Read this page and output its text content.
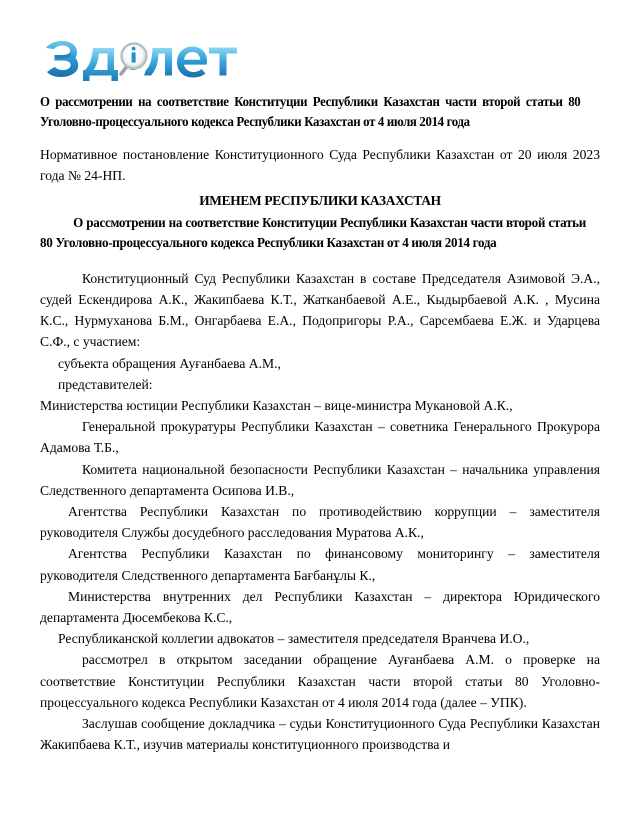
О рассмотрении на соответствие Конституции Республики Казахстан части второй статьи 80 Уголовно-процессуального кодекса Республики Казахстан от 4 июля 2014 года

Нормативное постановление Конституционного Суда Республики Казахстан от 20 июля 2023 года № 24-НП.

ИМЕНЕМ РЕСПУБЛИКИ КАЗАХСТАН

О рассмотрении на соответствие Конституции Республики Казахстан части второй статьи 80 Уголовно-процессуального кодекса Республики Казахстан от 4 июля 2014 года

Конституционный Суд Республики Казахстан в составе Председателя Азимовой Э.А., судей Ескендирова А.К., Жакипбаева К.Т., Жатканбаевой А.Е., Кыдырбаевой А.К. , Мусина К.С., Нурмуханова Б.М., Онгарбаева Е.А., Подопригоры Р.А., Сарсембаева Е.Ж. и Ударцева С.Ф., с участием:

субъекта обращения Ауғанбаева А.М.,

представителей:

Министерства юстиции Республики Казахстан – вице-министра Мукановой А.К.,

Генеральной прокуратуры Республики Казахстан – советника Генерального Прокурора Адамова Т.Б.,

Комитета национальной безопасности Республики Казахстан – начальника управления Следственного департамента Осипова И.В.,

Агентства Республики Казахстан по противодействию коррупции – заместителя руководителя Службы досудебного расследования Муратова А.К.,

Агентства Республики Казахстан по финансовому мониторингу – заместителя руководителя Следственного департамента Бағбанұлы К.,

Министерства внутренних дел Республики Казахстан – директора Юридического департамента Дюсембекова К.С.,

Республиканской коллегии адвокатов – заместителя председателя Вранчева И.О.,

рассмотрел в открытом заседании обращение Ауғанбаева А.М. о проверке на соответствие Конституции Республики Казахстан части второй статьи 80 Уголовно-процессуального кодекса Республики Казахстан от 4 июля 2014 года (далее – УПК).

Заслушав сообщение докладчика – судьи Конституционного Суда Республики Казахстан Жакипбаева К.Т., изучив материалы конституционного производства и
